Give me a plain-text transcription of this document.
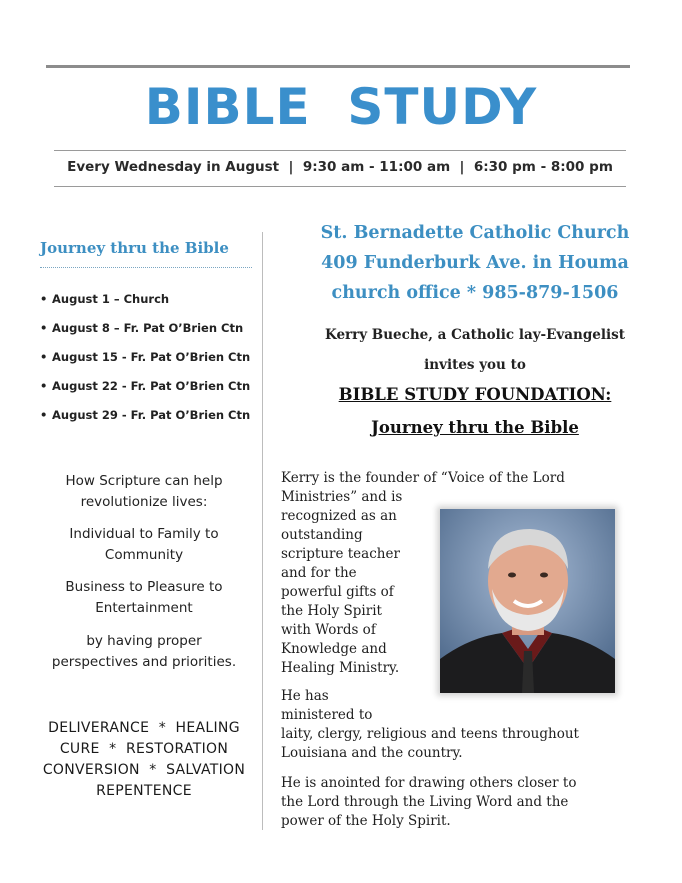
BIBLE  STUDY
Every Wednesday in August  |  9:30 am - 11:00 am  |  6:30 pm - 8:00 pm
Journey thru the Bible
• August 1 – Church
• August 8 – Fr. Pat O’Brien Ctn
• August 15 - Fr. Pat O’Brien Ctn
• August 22 - Fr. Pat O’Brien Ctn
• August 29 - Fr. Pat O’Brien Ctn
How Scripture can help
revolutionize lives:
Individual to Family to
Community
Business to Pleasure to
Entertainment
by having proper
perspectives and priorities.
DELIVERANCE  *  HEALING
CURE  *  RESTORATION
CONVERSION  *  SALVATION
REPENTENCE
St. Bernadette Catholic Church
409 Funderburk Ave. in Houma
church office * 985-879-1506
Kerry Bueche, a Catholic lay-Evangelist
invites you to
BIBLE STUDY FOUNDATION:
Journey thru the Bible
Kerry is the founder of “Voice of the Lord
Ministries” and is
recognized as an
outstanding
scripture teacher
and for the
powerful gifts of
the Holy Spirit
with Words of
Knowledge and
Healing Ministry.
He has
ministered to
laity, clergy, religious and teens throughout
Louisiana and the country.
He is anointed for drawing others closer to
the Lord through the Living Word and the
power of the Holy Spirit.
